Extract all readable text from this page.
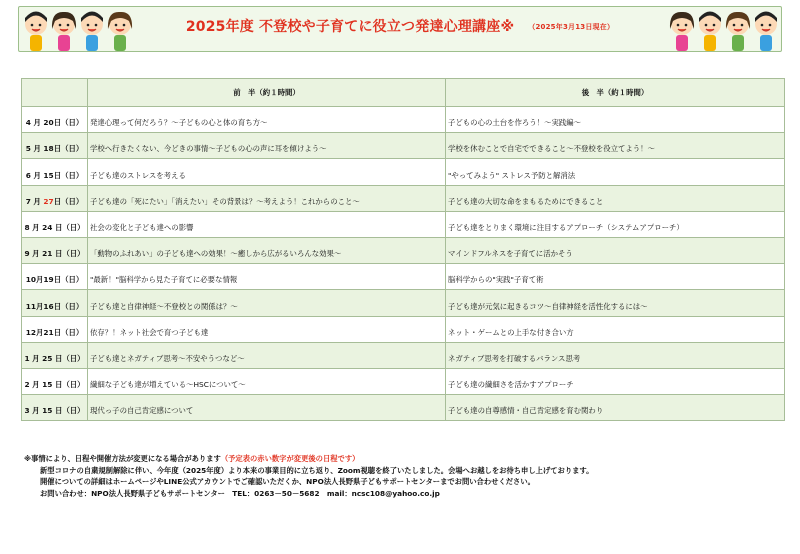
2025年度 不登校や子育てに役立つ発達心理講座※ （2025年3月13日現在）
	前　半（約１時間）	後　半（約１時間）
4 月 20日（日）	発達心理って何だろう？～子どもの心と体の育ち方～	子どもの心の土台を作ろう！～実践編～
5 月 18日（日）	学校へ行きたくない、今どきの事情～子どもの心の声に耳を傾けよう～	学校を休むことで自宅でできること～不登校を役立てよう！～
6 月 15日（日）	子ども達のストレスを考える	"やってみよう" ストレス予防と解消法
7 月 27日（日）	子ども達の「死にたい」「消えたい」その背景は？～考えよう！これからのこと～	子ども達の大切な命をまもるためにできること
8 月 24 日（日）	社会の変化と子ども達への影響	子ども達をとりまく環境に注目するアプローチ（システムアプローチ）
9 月 21 日（日）	「動物のふれあい」の子ども達への効果！～癒しから広がるいろんな効果～	マインドフルネスを子育てに活かそう
10月19日（日）	"最新！"脳科学から見た子育てに必要な情報	脳科学からの"実践"子育て術
11月16日（日）	子ども達と自律神経～不登校との関係は？～	子ども達が元気に起きるコツ～自律神経を活性化するには～
12月21日（日）	依存？！ネット社会で育つ子ども達	ネット・ゲームとの上手な付き合い方
1 月 25 日（日）	子ども達とネガティブ思考～不安やうつなど～	ネガティブ思考を打破するバランス思考
2 月 15 日（日）	繊細な子ども達が増えている～HSCについて～	子ども達の繊細さを活かすアプローチ
3 月 15 日（日）	現代っ子の自己肯定感について	子ども達の自尊感情・自己肯定感を育む関わり
※事情により、日程や開催方法が変更になる場合があります（予定表の赤い数字が変更後の日程です）
新型コロナの自粛規制解除に伴い、今年度（2025年度）より本来の事業目的に立ち返り、Zoom視聴を終了いたしました。会場へお越しをお待ち申し上げております。
開催についての詳細はホームページやLINE公式アカウントでご確認いただくか、NPO法人長野県子どもサポートセンターまでお問い合わせください。
お問い合わせ：NPO法人長野県子どもサポートセンター　TEL：0263－50－5682　mail：ncsc108@yahoo.co.jp
